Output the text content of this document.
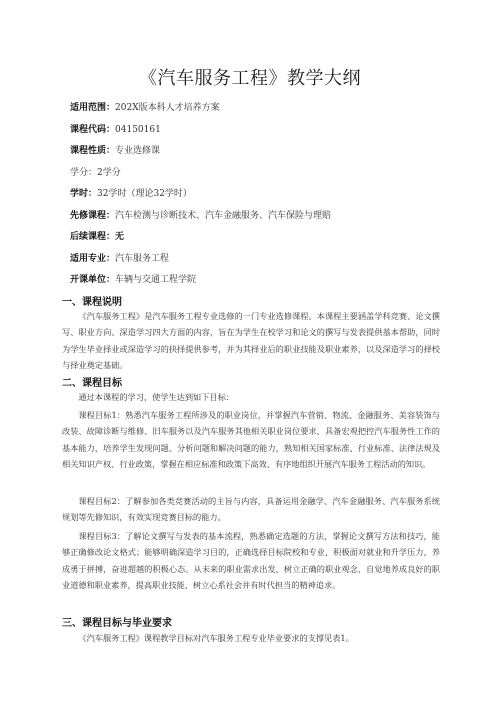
《汽车服务工程》教学大纲
适用范围：202X版本科人才培养方案
课程代码：04150161
课程性质：专业选修课
学分：2学分
学时：32学时（理论32学时）
先修课程：汽车检测与诊断技术、汽车金融服务、汽车保险与理赔
后续课程：无
适用专业：汽车服务工程
开课单位：车辆与交通工程学院
一、课程说明

《汽车服务工程》是汽车服务工程专业选修的一门专业选修课程。本课程主要涵盖学科竞赛、论文撰写、职业方向、深造学习四大方面的内容，旨在为学生在校学习和论文的撰写与发表提供基本帮助，同时为学生毕业择业或深造学习的抉择提供参考，并为其择业后的职业技能及职业素养，以及深造学习的择校与择业奠定基础。

二、课程目标

通过本课程的学习，使学生达到如下目标：

课程目标1：熟悉汽车服务工程所涉及的职业岗位，并掌握汽车营销、物流、金融服务、美容装饰与改装、故障诊断与维修、旧车服务以及汽车服务其他相关职业岗位要求，具备宏观把控汽车服务性工作的基本能力，培养学生发现问题、分析问题和解决问题的能力，熟知相关国家标准、行业标准、法律法规及相关知识产权、行业政策，掌握在相应标准和政策下高效、有序地组织开展汽车服务工程活动的知识。

课程目标2：了解参加各类竞赛活动的主旨与内容，具备运用金融学、汽车金融服务、汽车服务系统规划等先修知识，有效实现竞赛目标的能力。

课程目标3：了解论文撰写与发表的基本流程，熟悉确定选题的方法，掌握论文撰写方法和技巧，能够正确修改论文格式；能够明确深造学习目的，正确选择目标院校和专业，积极面对就业和升学压力，养成勇于拼搏，奋进超越的积极心态。从未来的职业需求出发，树立正确的职业观念，自觉地养成良好的职业道德和职业素养，提高职业技能，树立心系社会并有时代担当的精神追求。

三、课程目标与毕业要求

《汽车服务工程》课程教学目标对汽车服务工程专业毕业要求的支撑见表1。
